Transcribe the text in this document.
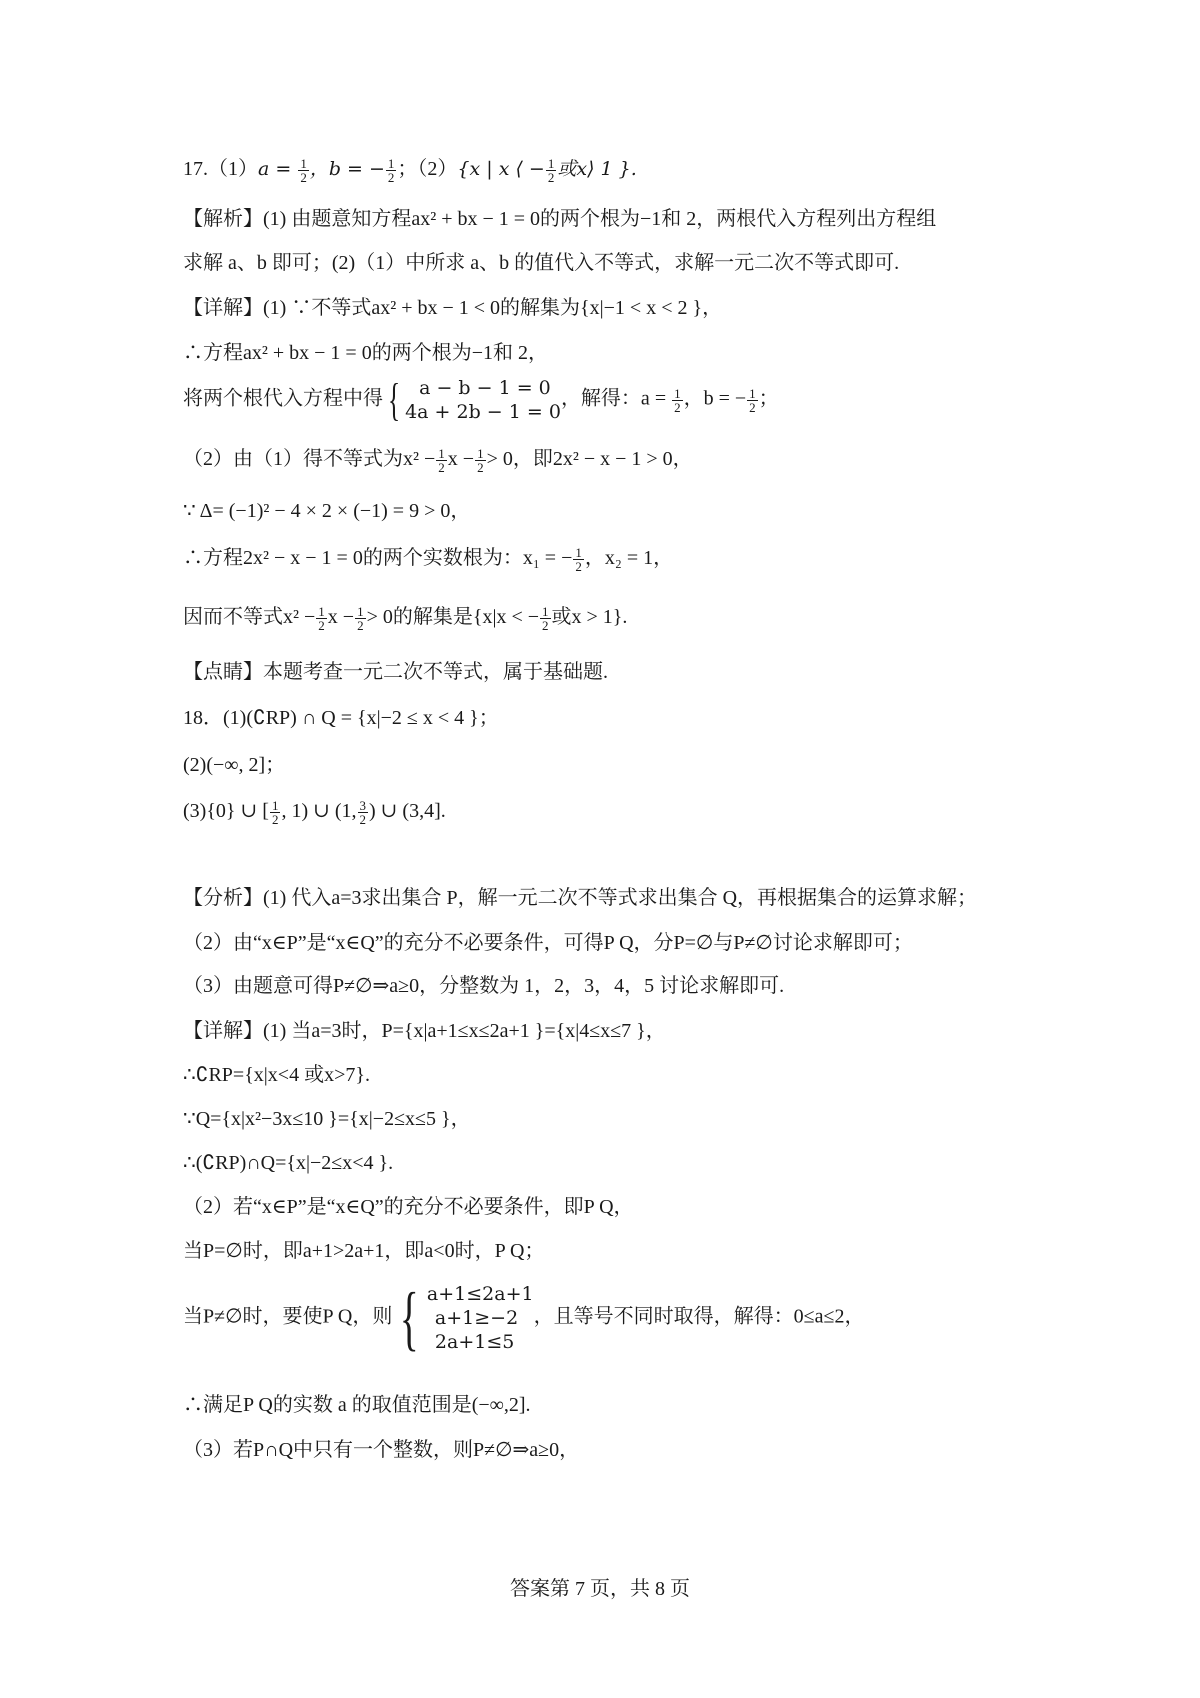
$17.(1)a = \frac{1}{2}$ ，b = − $\frac{1}{2}$ ；（2）{x | x ⟨ − $\frac{1}{2}$ 或x⟩ 1 }.
【解析】(1) 由题意知方程ax² + bx − 1 = 0的两个根为−1和 2，两根代入方程列出方程组
求解 a、b 即可；(2)（1）中所求 a、b 的值代入不等式，求解一元二次不等式即可.
【详解】(1) ∵不等式ax² + bx − 1 < 0的解集为{x|−1 < x < 2 }，
∴方程ax² + bx − 1 = 0的两个根为−1和 2，
将两个根代入方程中得 { a − b − 1 = 0
4a + 2b − 1 = 0
，解得：$a = \frac{1}{2}$ ，b = − $\frac{1}{2}$ ；
（2）由（1）得不等式为$x^2 - \frac{1}{2}$ $x - \frac{1}{2} > 0$，即2x² − x − 1 > 0，
∵ Δ= (−1)² − 4 × 2 × (−1) = 9 > 0，
∴方程2x² − x − 1 = 0的两个实数根为：x₁ = − $\frac{1}{2}$ ，x₂ = 1，
因而不等式$x^2 - \frac{1}{2}$ $x - \frac{1}{2} > 0$的解集是{x|x < − $\frac{1}{2}$ 或x > 1}.
【点睛】本题考查一元二次不等式，属于基础题.
18．(1)(∁RP) ∩ Q = {x|−2 ≤ x < 4 }；
(2)(−∞, 2]；
(3){0} ∪ [ $\frac{1}{2}$ , 1) ∪ (1, $\frac{3}{2}$ ) ∪ (3,4].
【分析】(1) 代入a=3求出集合 P，解一元二次不等式求出集合 Q，再根据集合的运算求解；
（2）由“x∈P”是“x∈Q”的充分不必要条件，可得P Q，分P=∅与P≠∅讨论求解即可；
（3）由题意可得P≠∅⇒a≥0，分整数为 1，2，3，4，5 讨论求解即可.
【详解】(1) 当a=3时，P={x|a+1≤x≤2a+1 }={x|4≤x≤7 }，
∴∁RP={x|x<4 或x>7}.
∵Q={x|x²−3x≤10 }={x|−2≤x≤5 }，
∴(∁RP)∩Q={x|−2≤x<4 }.
（2）若“x∈P”是“x∈Q”的充分不必要条件，即P Q，
当P=∅时，即a+1>2a+1，即a<0时，P Q；
当P≠∅时，要使P Q，则 { a+1≤2a+1
a+1≥−2
2a+1≤5
，且等号不同时取得，解得：0≤a≤2，
∴满足P Q的实数 a 的取值范围是(−∞,2].
（3）若P∩Q中只有一个整数，则P≠∅⇒a≥0，
答案第 7 页，共 8 页
